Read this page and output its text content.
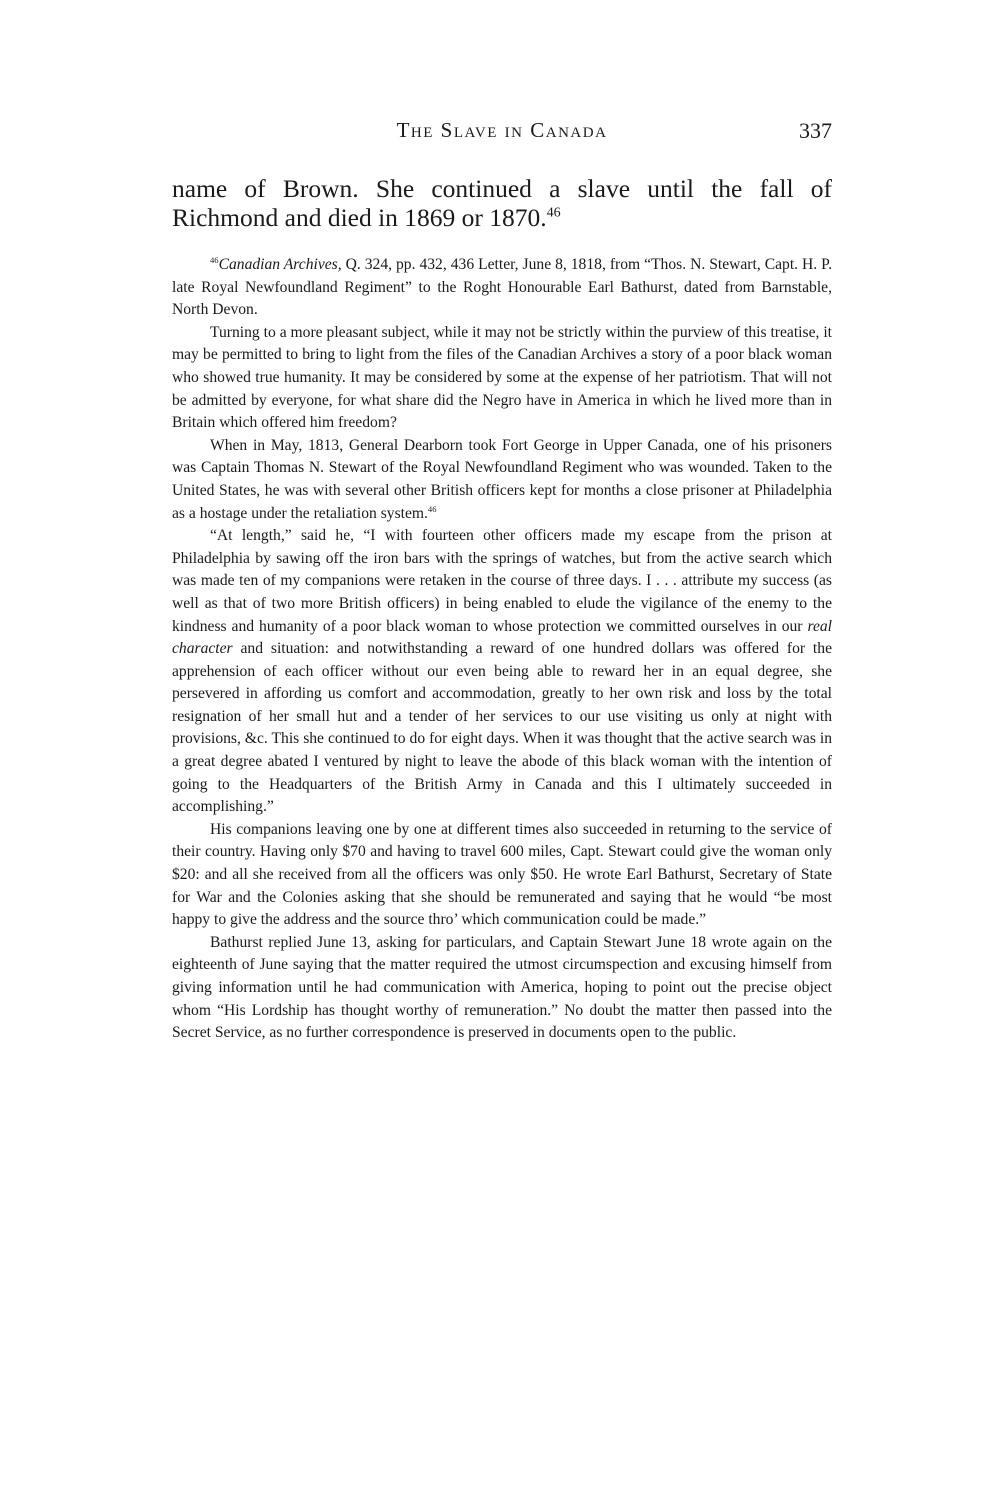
The Slave in Canada	337

name of Brown. She continued a slave until the fall of Richmond and died in 1869 or 1870.46

$^{46}$Canadian Archives, Q. 324, pp. 432, 436 Letter, June 8, 1818, from “Thos. N. Stewart, Capt. H. P. late Royal Newfoundland Regiment” to the Roght Honourable Earl Bathurst, dated from Barnstable, North Devon.

Turning to a more pleasant subject, while it may not be strictly within the purview of this treatise, it may be permitted to bring to light from the files of the Canadian Archives a story of a poor black woman who showed true humanity. It may be considered by some at the expense of her patriotism. That will not be admitted by everyone, for what share did the Negro have in America in which he lived more than in Britain which offered him freedom?

When in May, 1813, General Dearborn took Fort George in Upper Canada, one of his prisoners was Captain Thomas N. Stewart of the Royal Newfoundland Regiment who was wounded. Taken to the United States, he was with several other British officers kept for months a close prisoner at Philadelphia as a hostage under the retaliation system.$^{46}$

“At length,” said he, “I with fourteen other officers made my escape from the prison at Philadelphia by sawing off the iron bars with the springs of watches, but from the active search which was made ten of my companions were retaken in the course of three days. I . . . attribute my success (as well as that of two more British officers) in being enabled to elude the vigilance of the enemy to the kindness and humanity of a poor black woman to whose protection we committed ourselves in our real character and situation: and notwithstanding a reward of one hundred dollars was offered for the apprehension of each officer without our even being able to reward her in an equal degree, she persevered in affording us comfort and accommodation, greatly to her own risk and loss by the total resignation of her small hut and a tender of her services to our use visiting us only at night with provisions, &c. This she continued to do for eight days. When it was thought that the active search was in a great degree abated I ventured by night to leave the abode of this black woman with the intention of going to the Headquarters of the British Army in Canada and this I ultimately succeeded in accomplishing.”

His companions leaving one by one at different times also succeeded in returning to the service of their country. Having only $70 and having to travel 600 miles, Capt. Stewart could give the woman only $20: and all she received from all the officers was only $50. He wrote Earl Bathurst, Secretary of State for War and the Colonies asking that she should be remunerated and saying that he would “be most happy to give the address and the source thro’ which communication could be made.”

Bathurst replied June 13, asking for particulars, and Captain Stewart June 18 wrote again on the eighteenth of June saying that the matter required the utmost circumspection and excusing himself from giving information until he had communication with America, hoping to point out the precise object whom “His Lordship has thought worthy of remuneration.” No doubt the matter then passed into the Secret Service, as no further correspondence is preserved in documents open to the public.
